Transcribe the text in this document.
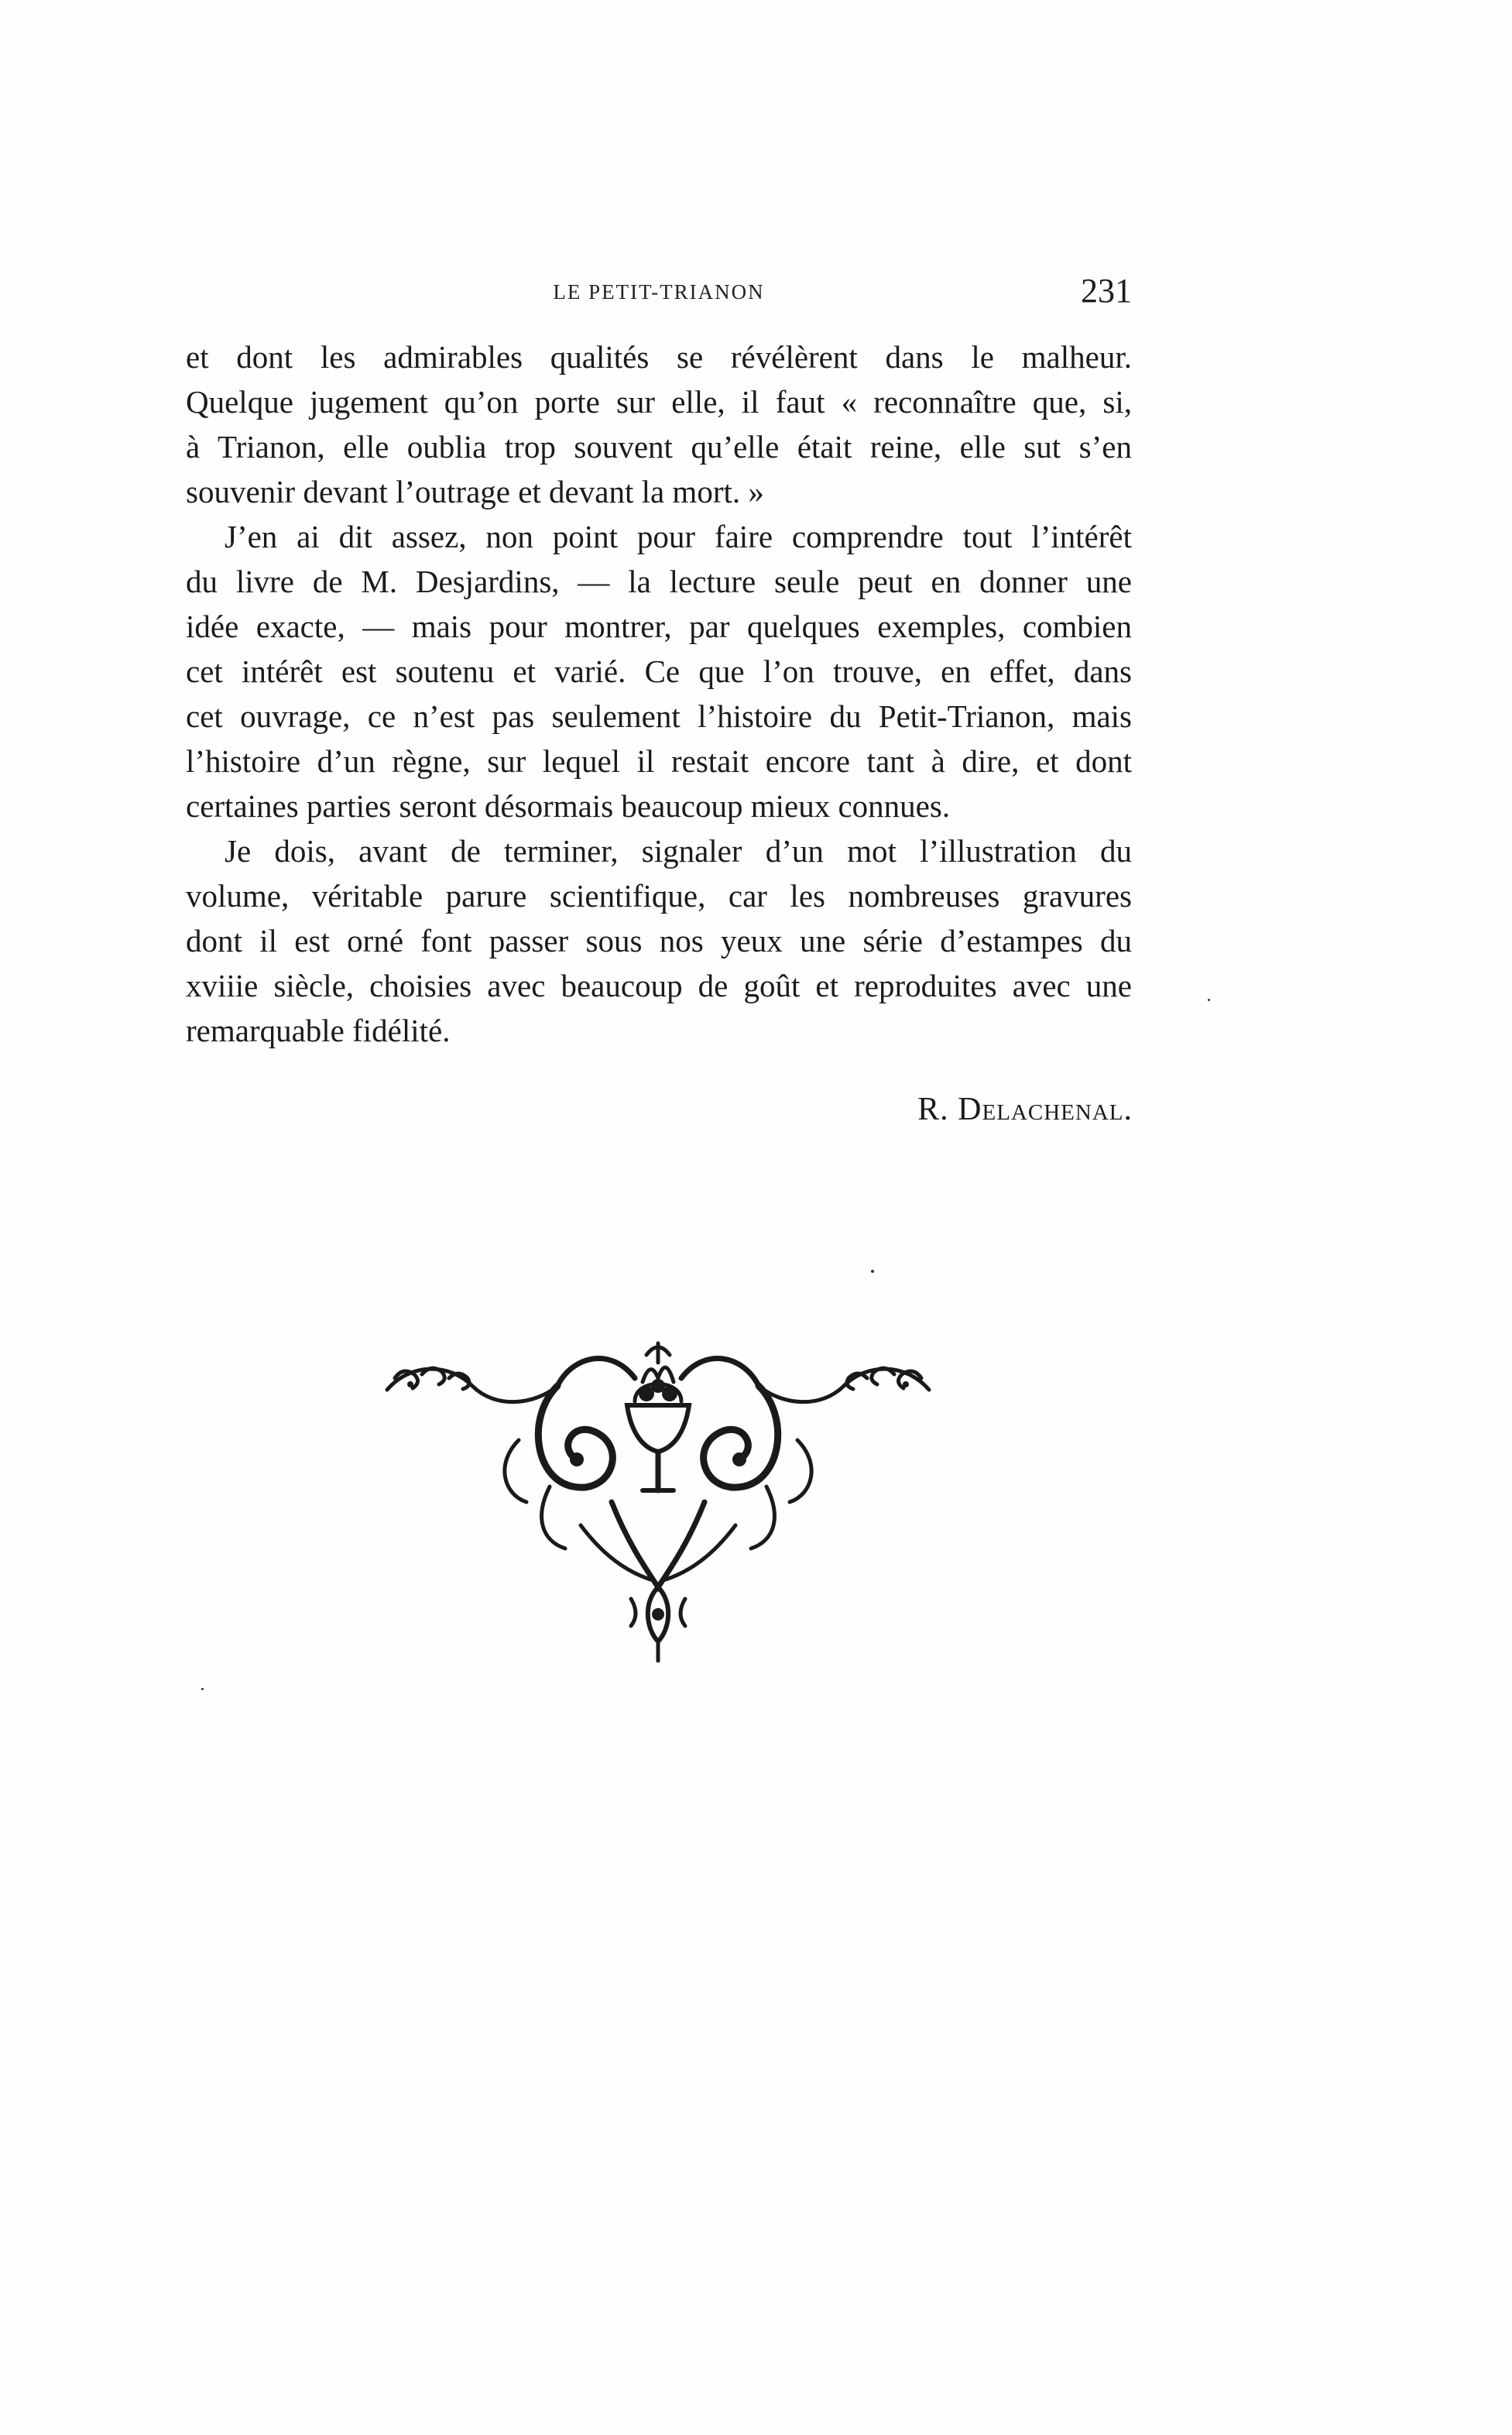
LE PETIT-TRIANON	231

et dont les admirables qualités se révélèrent dans le malheur.
Quelque jugement qu’on porte sur elle, il faut « reconnaître que, si,
à Trianon, elle oublia trop souvent qu’elle était reine, elle sut s’en
souvenir devant l’outrage et devant la mort. »

J’en ai dit assez, non point pour faire comprendre tout l’intérêt
du livre de M. Desjardins, — la lecture seule peut en donner une
idée exacte, — mais pour montrer, par quelques exemples, combien
cet intérêt est soutenu et varié. Ce que l’on trouve, en effet, dans
cet ouvrage, ce n’est pas seulement l’histoire du Petit-Trianon, mais
l’histoire d’un règne, sur lequel il restait encore tant à dire, et dont
certaines parties seront désormais beaucoup mieux connues.

Je dois, avant de terminer, signaler d’un mot l’illustration du
volume, véritable parure scientifique, car les nombreuses gravures
dont il est orné font passer sous nos yeux une série d’estampes du
xviiie siècle, choisies avec beaucoup de goût et reproduites avec une
remarquable fidélité.

R. Delachenal.
